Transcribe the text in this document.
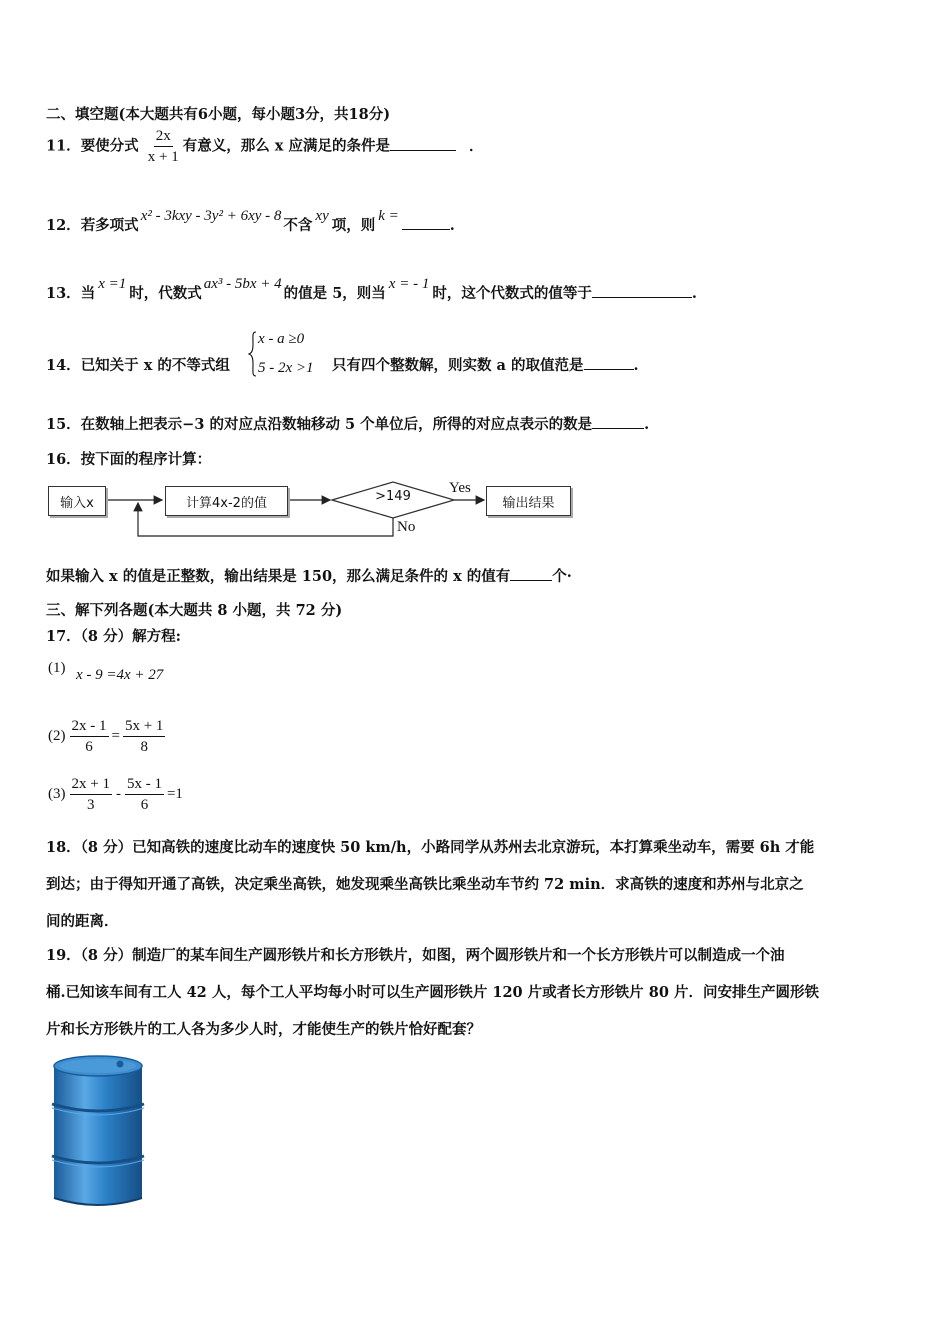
二、填空题(本大题共有6小题，每小题3分，共18分)
11．要使分式 $\frac{2x}{x + 1}$ 有意义，那么 x 应满足的条件是	．
12．若多项式x² - 3kxy - 3y² + 6xy - 8不含xy项，则k =.
13．当x =1时，代数式ax³ - 5bx + 4的值是 5，则当x = - 1时，这个代数式的值等于	.
14．已知关于 x 的不等式组
x - a ≥0
5 - 2x >1 只有四个整数解，则实数 a 的取值范是	.
15．在数轴上把表示−3 的对应点沿数轴移动 5 个单位后，所得的对应点表示的数是	.
16．按下面的程序计算：
输入x	计算4x-2的值	>149
Yes
No
输出结果
如果输入 x 的值是正整数，输出结果是 150，那么满足条件的 x 的值有	个·
三、解下列各题(本大题共 8 小题，共 72 分)
17．（8 分）解方程:
(1) x - 9 =4x + 27
$(2) \frac{2x - 1}{6} = \frac{5x + 1}{8}$
$(3) \frac{2x + 1}{3} - \frac{5x - 1}{6} =1$
18．（8 分）已知高铁的速度比动车的速度快 50 km/h，小路同学从苏州去北京游玩，本打算乘坐动车，需要 6h 才能
到达；由于得知开通了高铁，决定乘坐高铁，她发现乘坐高铁比乘坐动车节约 72 min．求高铁的速度和苏州与北京之
间的距离．
19．（8 分）制造厂的某车间生产圆形铁片和长方形铁片，如图，两个圆形铁片和一个长方形铁片可以制造成一个油
桶.已知该车间有工人 42 人，每个工人平均每小时可以生产圆形铁片 120 片或者长方形铁片 80 片．问安排生产圆形铁
片和长方形铁片的工人各为多少人时，才能使生产的铁片恰好配套？
